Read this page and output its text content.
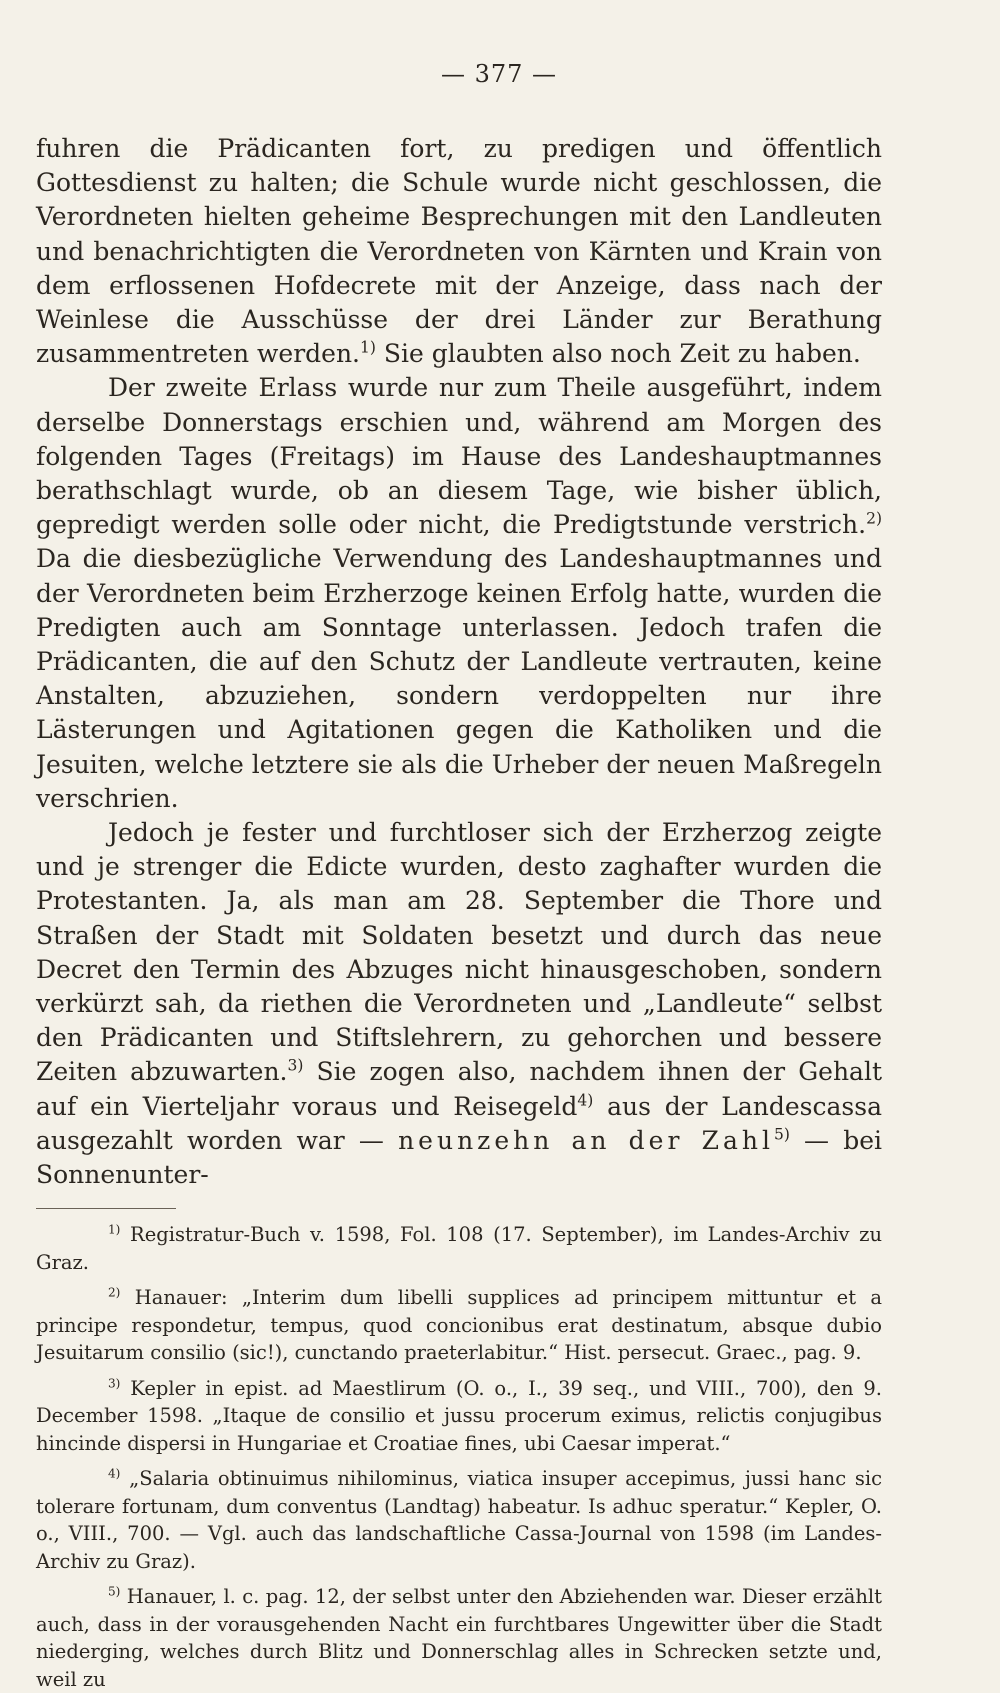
— 377 —

fuhren die Prädicanten fort, zu predigen und öffentlich Gottesdienst zu halten; die Schule wurde nicht geschlossen, die Verordneten hielten geheime Besprechungen mit den Landleuten und benachrichtigten die Verordneten von Kärnten und Krain von dem erflossenen Hofdecrete mit der Anzeige, dass nach der Weinlese die Ausschüsse der drei Länder zur Berathung zusammentreten werden.$^{1)}$ Sie glaubten also noch Zeit zu haben.

Der zweite Erlass wurde nur zum Theile ausgeführt, indem derselbe Donnerstags erschien und, während am Morgen des folgenden Tages (Freitags) im Hause des Landeshauptmannes berathschlagt wurde, ob an diesem Tage, wie bisher üblich, gepredigt werden solle oder nicht, die Predigtstunde verstrich.$^{2)}$ Da die diesbezügliche Verwendung des Landeshauptmannes und der Verordneten beim Erzherzoge keinen Erfolg hatte, wurden die Predigten auch am Sonntage unterlassen. Jedoch trafen die Prädicanten, die auf den Schutz der Landleute vertrauten, keine Anstalten, abzuziehen, sondern verdoppelten nur ihre Lästerungen und Agitationen gegen die Katholiken und die Jesuiten, welche letztere sie als die Urheber der neuen Maßregeln verschrien.

Jedoch je fester und furchtloser sich der Erzherzog zeigte und je strenger die Edicte wurden, desto zaghafter wurden die Protestanten. Ja, als man am 28. September die Thore und Straßen der Stadt mit Soldaten besetzt und durch das neue Decret den Termin des Abzuges nicht hinausgeschoben, sondern verkürzt sah, da riethen die Verordneten und „Landleute“ selbst den Prädicanten und Stiftslehrern, zu gehorchen und bessere Zeiten abzuwarten.$^{3)}$ Sie zogen also, nachdem ihnen der Gehalt auf ein Vierteljahr voraus und Reisegeld$^{4)}$ aus der Landescassa ausgezahlt worden war — neunzehn an der Zahl$^{5)}$ — bei Sonnenunter-

$^{1)}$ Registratur-Buch v. 1598, Fol. 108 (17. September), im Landes-Archiv zu Graz.

$^{2)}$ Hanauer: „Interim dum libelli supplices ad principem mittuntur et a principe respondetur, tempus, quod concionibus erat destinatum, absque dubio Jesuitarum consilio (sic!), cunctando praeterlabitur.“ Hist. persecut. Graec., pag. 9.

$^{3)}$ Kepler in epist. ad Maestlirum (O. o., I., 39 seq., und VIII., 700), den 9. December 1598. „Itaque de consilio et jussu procerum eximus, relictis conjugibus hincinde dispersi in Hungariae et Croatiae fines, ubi Caesar imperat.“

$^{4)}$ „Salaria obtinuimus nihilominus, viatica insuper accepimus, jussi hanc sic tolerare fortunam, dum conventus (Landtag) habeatur. Is adhuc speratur.“ Kepler, O. o., VIII., 700. — Vgl. auch das landschaftliche Cassa-Journal von 1598 (im Landes-Archiv zu Graz).

$^{5)}$ Hanauer, l. c. pag. 12, der selbst unter den Abziehenden war. Dieser erzählt auch, dass in der vorausgehenden Nacht ein furchtbares Ungewitter über die Stadt niederging, welches durch Blitz und Donnerschlag alles in Schrecken setzte und, weil zu
